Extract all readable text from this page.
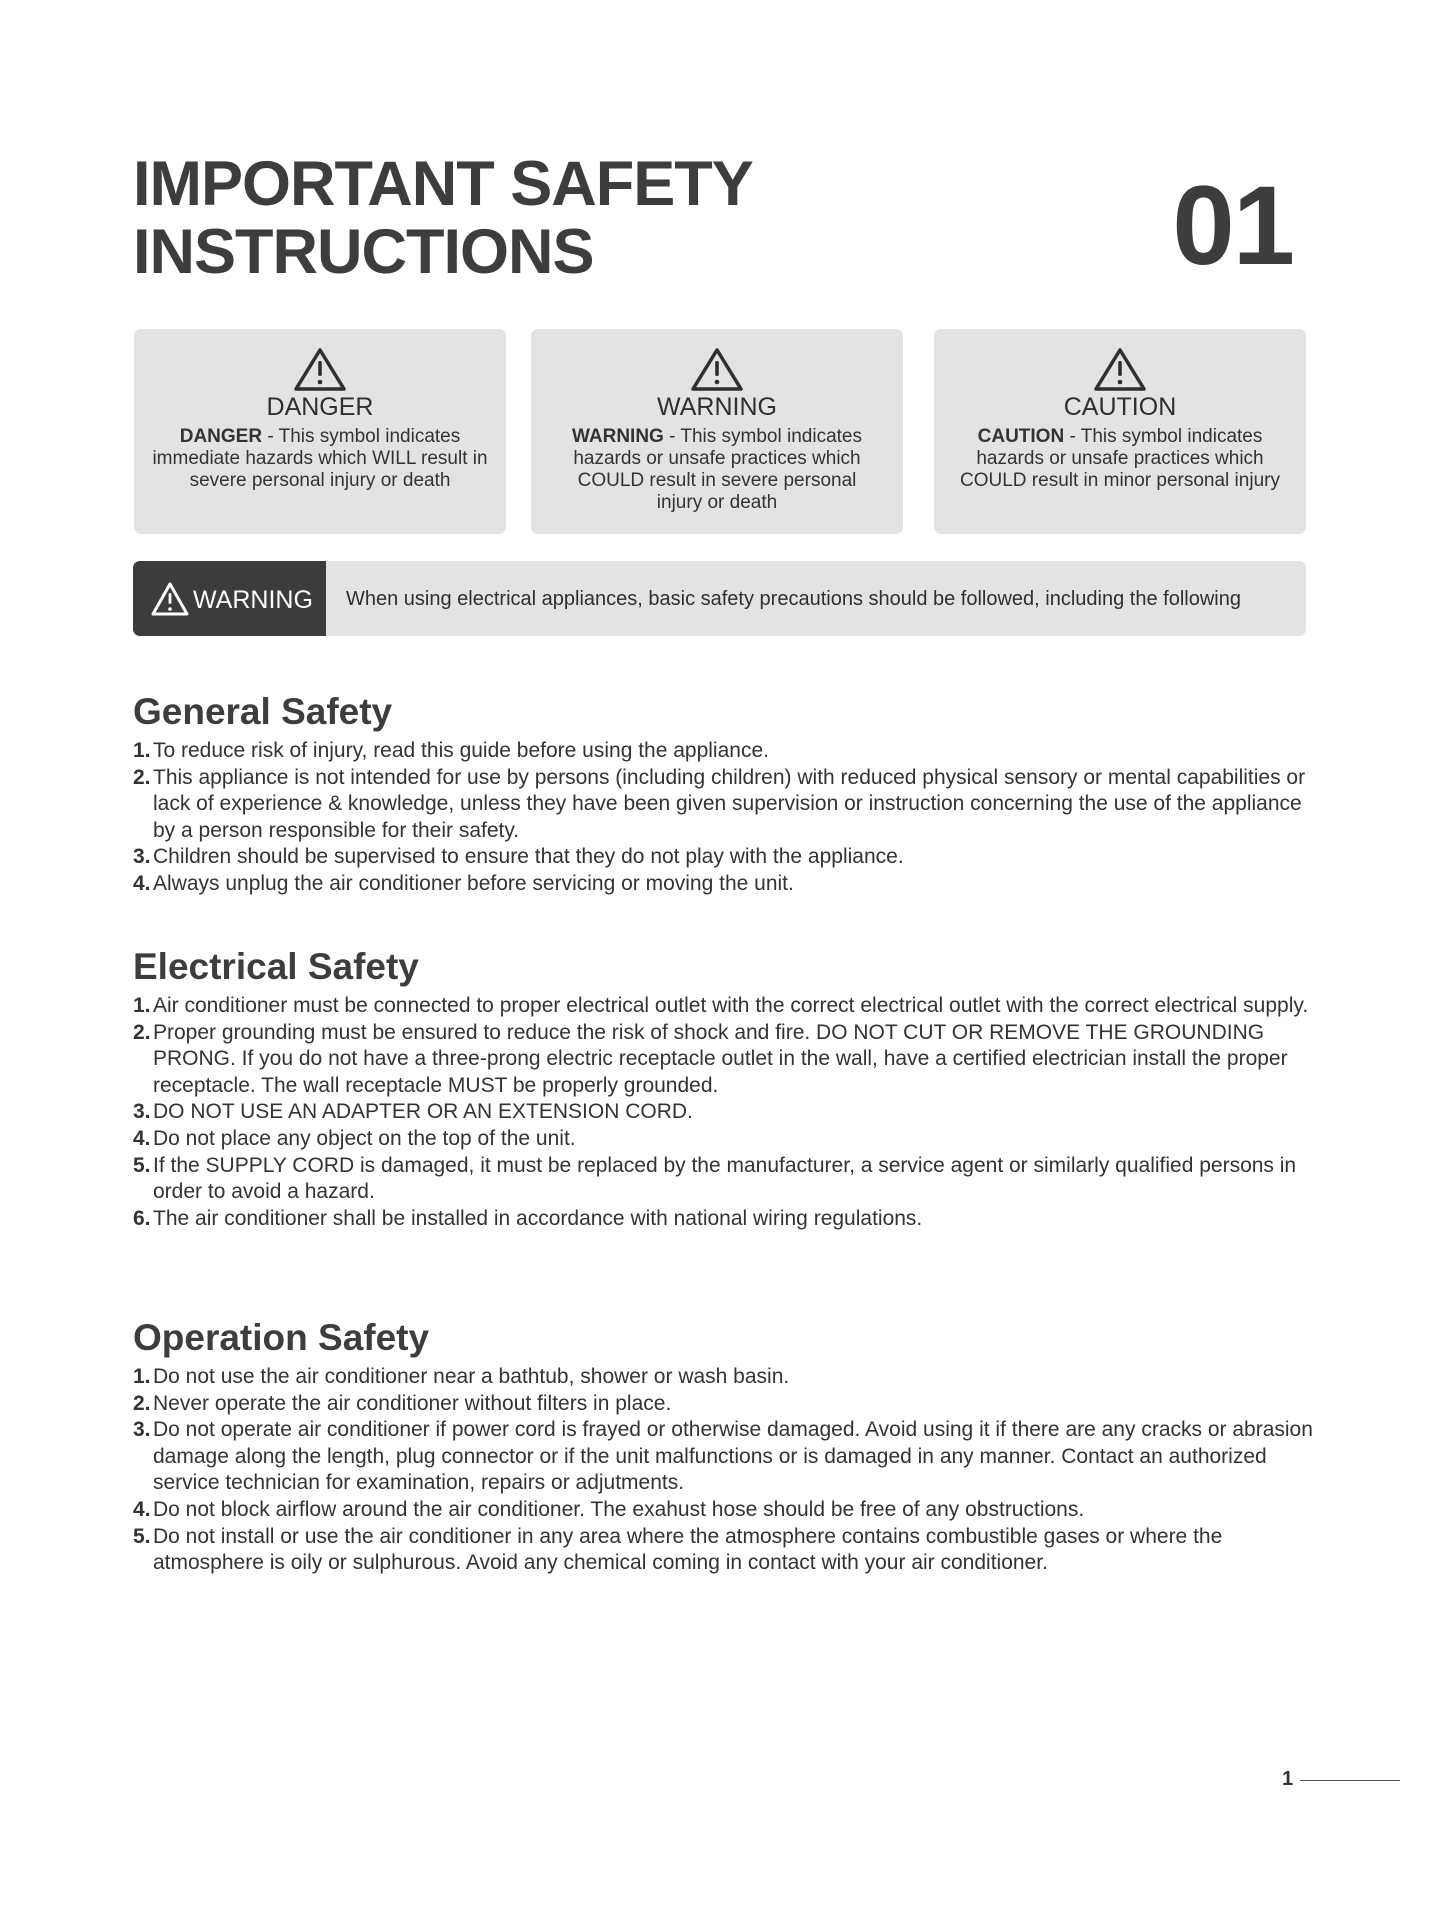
IMPORTANT SAFETY
INSTRUCTIONS	01
DANGER
DANGER - This symbol indicates immediate hazards which WILL result in severe personal injury or death
WARNING
WARNING - This symbol indicates hazards or unsafe practices which COULD result in severe personal injury or death
CAUTION
CAUTION - This symbol indicates hazards or unsafe practices which COULD result in minor personal injury
WARNING When using electrical appliances, basic safety precautions should be followed, including the following
General Safety
1. To reduce risk of injury, read this guide before using the appliance.
2. This appliance is not intended for use by persons (including children) with reduced physical sensory or mental capabilities or lack of experience & knowledge, unless they have been given supervision or instruction concerning the use of the appliance by a person responsible for their safety.
3. Children should be supervised to ensure that they do not play with the appliance.
4. Always unplug the air conditioner before servicing or moving the unit.
Electrical Safety
1. Air conditioner must be connected to proper electrical outlet with the correct electrical outlet with the correct electrical supply.
2. Proper grounding must be ensured to reduce the risk of shock and fire. DO NOT CUT OR REMOVE THE GROUNDING PRONG. If you do not have a three-prong electric receptacle outlet in the wall, have a certified electrician install the proper receptacle. The wall receptacle MUST be properly grounded.
3. DO NOT USE AN ADAPTER OR AN EXTENSION CORD.
4. Do not place any object on the top of the unit.
5. If the SUPPLY CORD is damaged, it must be replaced by the manufacturer, a service agent or similarly qualified persons in order to avoid a hazard.
6. The air conditioner shall be installed in accordance with national wiring regulations.
Operation Safety
1. Do not use the air conditioner near a bathtub, shower or wash basin.
2. Never operate the air conditioner without filters in place.
3. Do not operate air conditioner if power cord is frayed or otherwise damaged. Avoid using it if there are any cracks or abrasion damage along the length, plug connector or if the unit malfunctions or is damaged in any manner. Contact an authorized service technician for examination, repairs or adjutments.
4. Do not block airflow around the air conditioner. The exahust hose should be free of any obstructions.
5. Do not install or use the air conditioner in any area where the atmosphere contains combustible gases or where the atmosphere is oily or sulphurous. Avoid any chemical coming in contact with your air conditioner.
1
